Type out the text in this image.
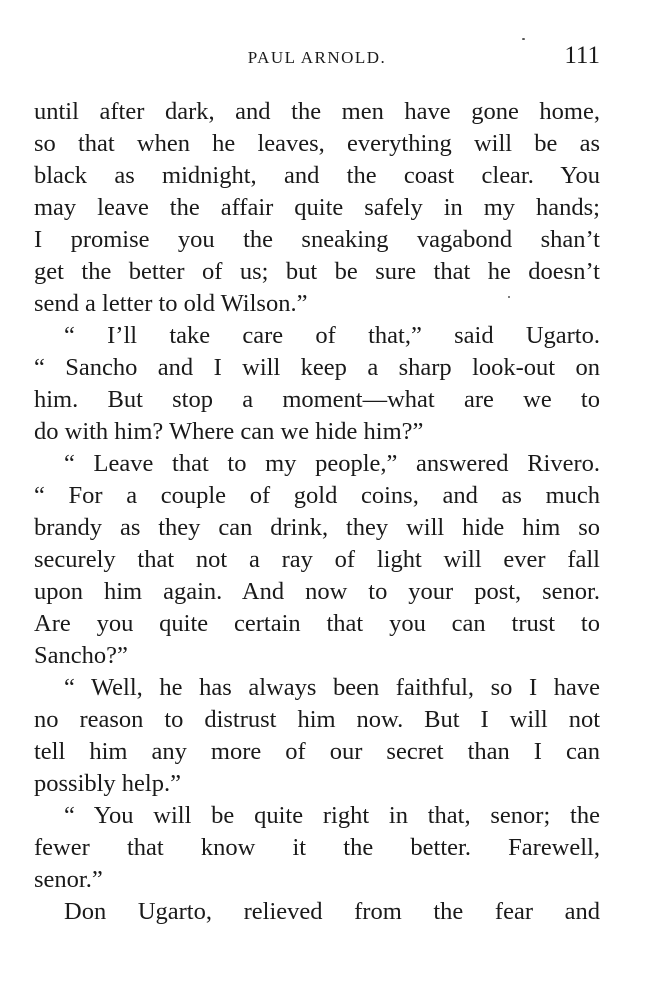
PAUL ARNOLD.	111
until after dark, and the men have gone home,
so that when he leaves, everything will be as
black as midnight, and the coast clear. You
may leave the affair quite safely in my hands;
I promise you the sneaking vagabond shan’t
get the better of us; but be sure that he doesn’t
send a letter to old Wilson.”
“ I’ll take care of that,” said Ugarto.
“ Sancho and I will keep a sharp look-out on
him. But stop a moment—what are we to
do with him? Where can we hide him?”
“ Leave that to my people,” answered Rivero.
“ For a couple of gold coins, and as much
brandy as they can drink, they will hide him so
securely that not a ray of light will ever fall
upon him again. And now to your post, senor.
Are you quite certain that you can trust to
Sancho?”
“ Well, he has always been faithful, so I have
no reason to distrust him now. But I will not
tell him any more of our secret than I can
possibly help.”
“ You will be quite right in that, senor; the
fewer that know it the better. Farewell,
senor.”
Don Ugarto, relieved from the fear and
